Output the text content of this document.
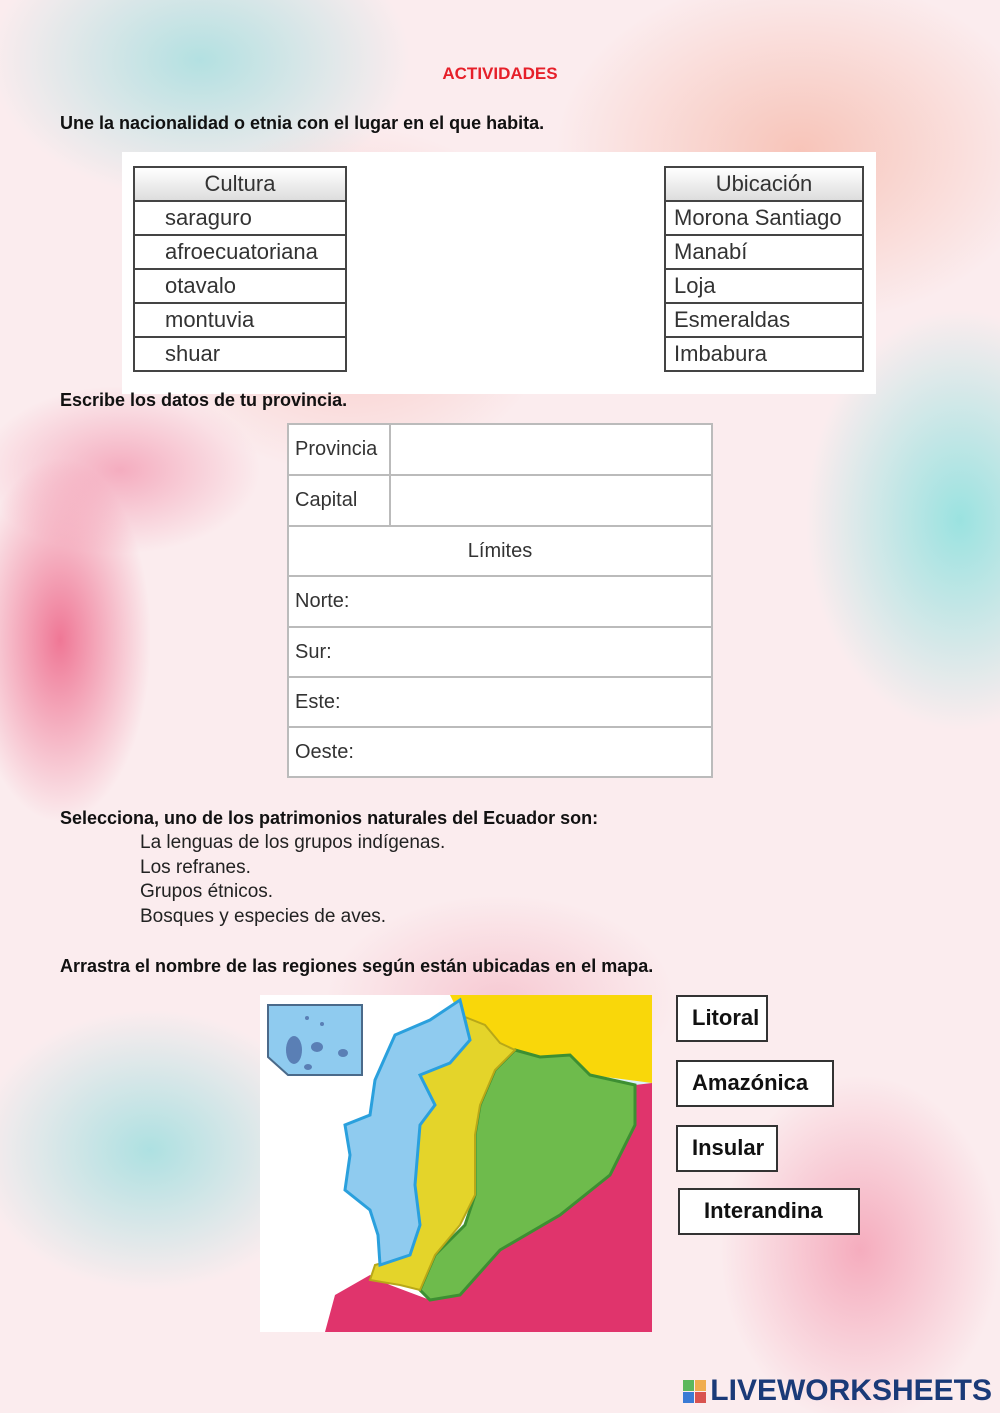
ACTIVIDADES
Une la nacionalidad o etnia con el lugar en el que habita.
Cultura
saraguro
afroecuatoriana
otavalo
montuvia
shuar
Ubicación
Morona Santiago
Manabí
Loja
Esmeraldas
Imbabura
Escribe los datos de tu provincia.
Provincia	
Capital	
Límites	
Norte:	
Sur:	
Este:	
Oeste:	
Selecciona, uno de los patrimonios naturales del Ecuador son:
La lenguas de los grupos indígenas.
Los refranes.
Grupos étnicos.
Bosques y especies de aves.
Arrastra el nombre de las regiones según están ubicadas en el mapa.
Litoral
Amazónica
Insular
Interandina
LIVEWORKSHEETS
